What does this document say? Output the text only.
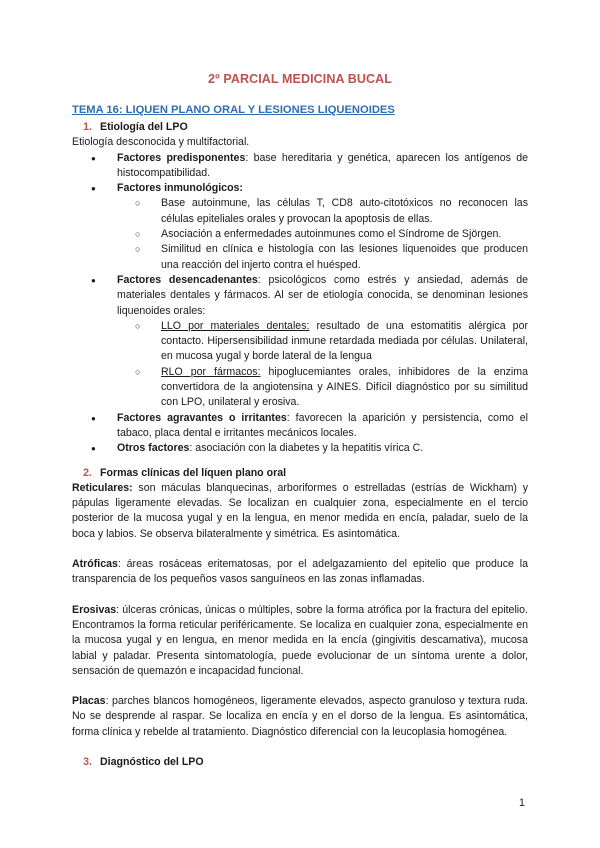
2º PARCIAL MEDICINA BUCAL
TEMA 16: LIQUEN PLANO ORAL Y LESIONES LIQUENOIDES

1. Etiología del LPO

Etiología desconocida y multifactorial.

● Factores predisponentes: base hereditaria y genética, aparecen los antígenos de histocompatibilidad.
● Factores inmunológicos:
○ Base autoinmune, las células T, CD8 auto-citotóxicos no reconocen las células epiteliales orales y provocan la apoptosis de ellas.
○ Asociación a enfermedades autoinmunes como el Síndrome de Sjörgen.
○ Similitud en clínica e histología con las lesiones liquenoides que producen una reacción del injerto contra el huésped.
● Factores desencadenantes: psicológicos como estrés y ansiedad, además de materiales dentales y fármacos. Al ser de etiología conocida, se denominan lesiones liquenoides orales:
○ LLO por materiales dentales: resultado de una estomatitis alérgica por contacto. Hipersensibilidad inmune retardada mediada por células. Unilateral, en mucosa yugal y borde lateral de la lengua
○ RLO por fármacos: hipoglucemiantes orales, inhibidores de la enzima convertidora de la angiotensina y AINES. Difícil diagnóstico por su similitud con LPO, unilateral y erosiva.
● Factores agravantes o irritantes: favorecen la aparición y persistencia, como el tabaco, placa dental e irritantes mecánicos locales.
● Otros factores: asociación con la diabetes y la hepatitis vírica C.

2. Formas clínicas del líquen plano oral

Reticulares: son máculas blanquecinas, arboriformes o estrelladas (estrías de Wickham) y pápulas ligeramente elevadas. Se localizan en cualquier zona, especialmente en el tercio posterior de la mucosa yugal y en la lengua, en menor medida en encía, paladar, suelo de la boca y labios. Se observa bilateralmente y simétrica. Es asintomática.

Atróficas: áreas rosáceas eritematosas, por el adelgazamiento del epitelio que produce la transparencia de los pequeños vasos sanguíneos en las zonas inflamadas.

Erosivas: úlceras crónicas, únicas o múltiples, sobre la forma atrófica por la fractura del epitelio. Encontramos la forma reticular periféricamente. Se localiza en cualquier zona, especialmente en la mucosa yugal y en lengua, en menor medida en la encía (gingivitis descamativa), mucosa labial y paladar. Presenta sintomatología, puede evolucionar de un síntoma urente a dolor, sensación de quemazón e incapacidad funcional.

Placas: parches blancos homogéneos, ligeramente elevados, aspecto granuloso y textura ruda. No se desprende al raspar. Se localiza en encía y en el dorso de la lengua. Es asintomática, forma clínica y rebelde al tratamiento. Diagnóstico diferencial con la leucoplasia homogénea.

3. Diagnóstico del LPO

1
